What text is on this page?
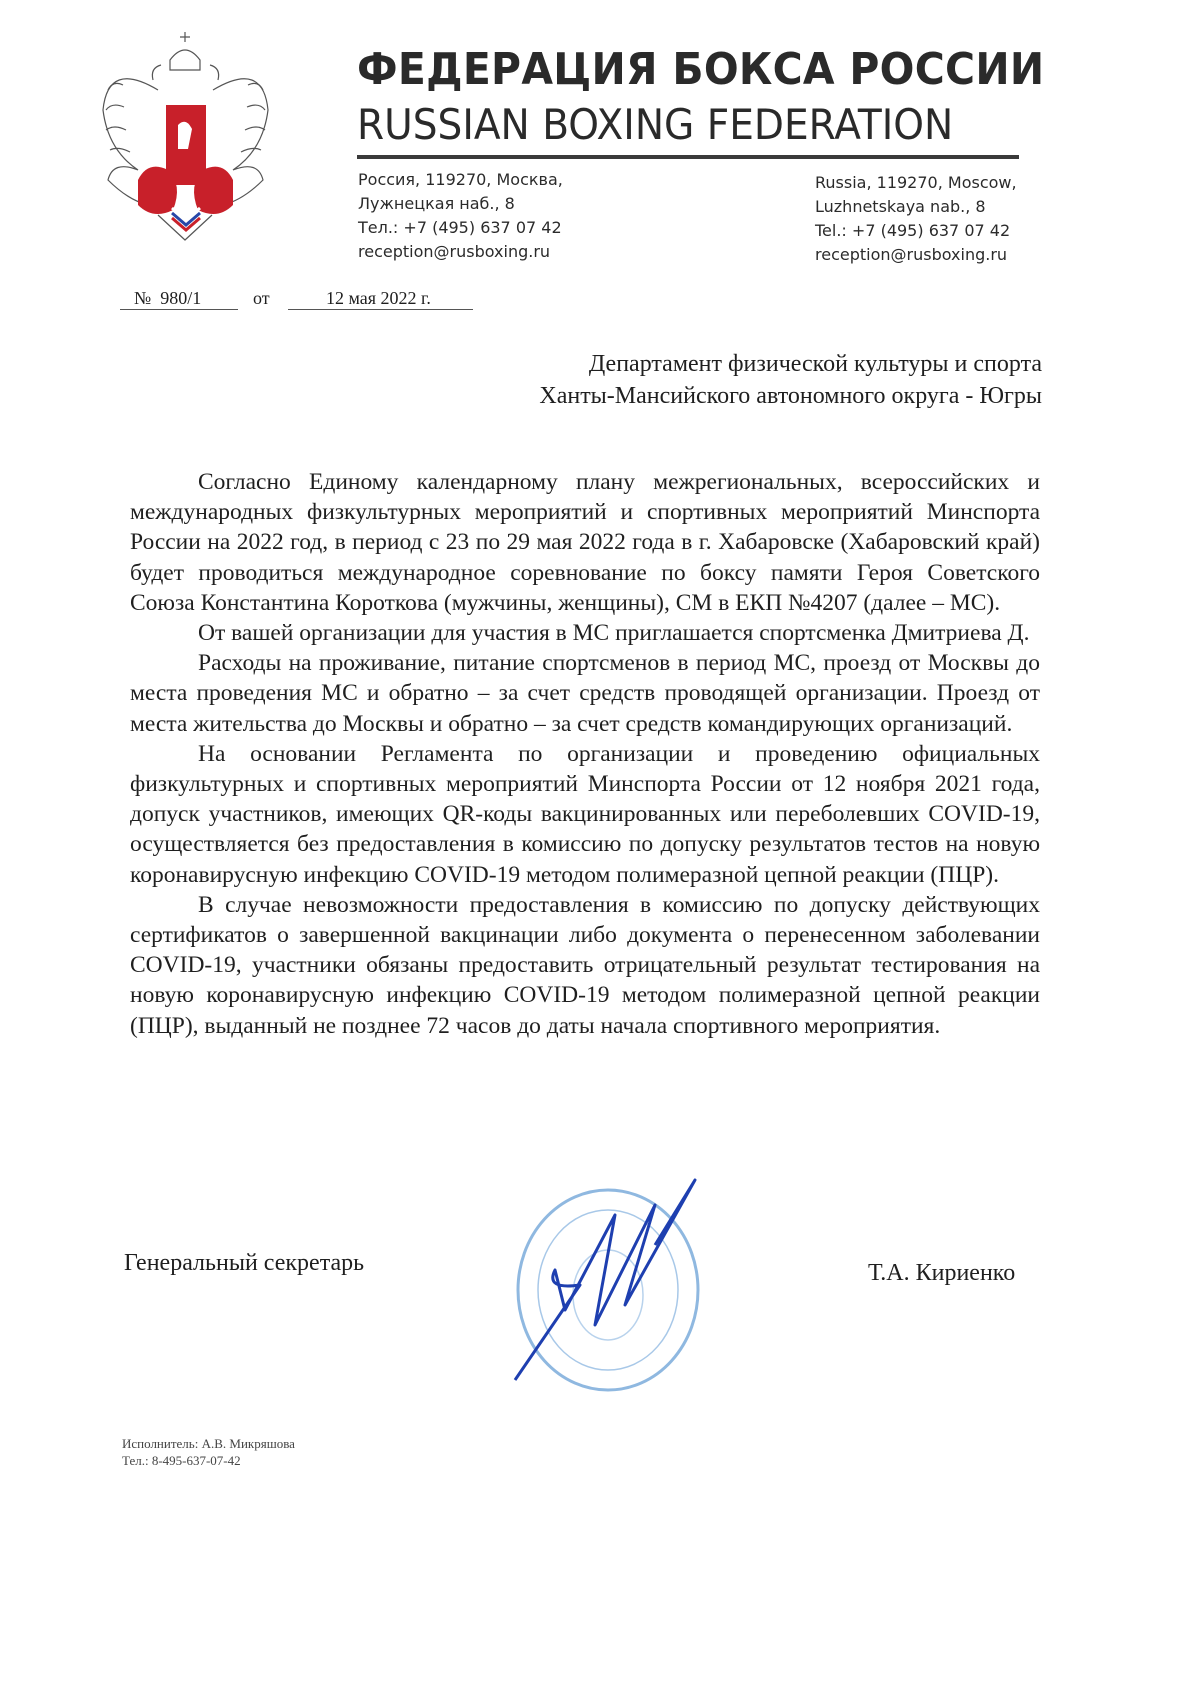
ФЕДЕРАЦИЯ БОКСА РОССИИ
RUSSIAN BOXING FEDERATION
Россия, 119270, Москва,
Лужнецкая наб., 8
Тел.: +7 (495) 637 07 42
reception@rusboxing.ru
Russia, 119270, Moscow,
Luzhnetskaya nab., 8
Tel.: +7 (495) 637 07 42
reception@rusboxing.ru
№ 980/1	от	12 мая 2022 г.
Департамент физической культуры и спорта
Ханты-Мансийского автономного округа - Югры

Согласно Единому календарному плану межрегиональных, всероссийских и международных физкультурных мероприятий и спортивных мероприятий Минспорта России на 2022 год, в период с 23 по 29 мая 2022 года в г. Хабаровске (Хабаровский край) будет проводиться международное соревнование по боксу памяти Героя Советского Союза Константина Короткова (мужчины, женщины), СМ в ЕКП №4207 (далее – МС).

От вашей организации для участия в МС приглашается спортсменка Дмитриева Д.

Расходы на проживание, питание спортсменов в период МС, проезд от Москвы до места проведения МС и обратно – за счет средств проводящей организации. Проезд от места жительства до Москвы и обратно – за счет средств командирующих организаций.

На основании Регламента по организации и проведению официальных физкультурных и спортивных мероприятий Минспорта России от 12 ноября 2021 года, допуск участников, имеющих QR-коды вакцинированных или переболевших COVID-19, осуществляется без предоставления в комиссию по допуску результатов тестов на новую коронавирусную инфекцию COVID-19 методом полимеразной цепной реакции (ПЦР).

В случае невозможности предоставления в комиссию по допуску действующих сертификатов о завершенной вакцинации либо документа о перенесенном заболевании COVID-19, участники обязаны предоставить отрицательный результат тестирования на новую коронавирусную инфекцию COVID-19 методом полимеразной цепной реакции (ПЦР), выданный не позднее 72 часов до даты начала спортивного мероприятия.

Генеральный секретарь	Т.А. Кириенко
Исполнитель: А.В. Микряшова
Тел.: 8-495-637-07-42
